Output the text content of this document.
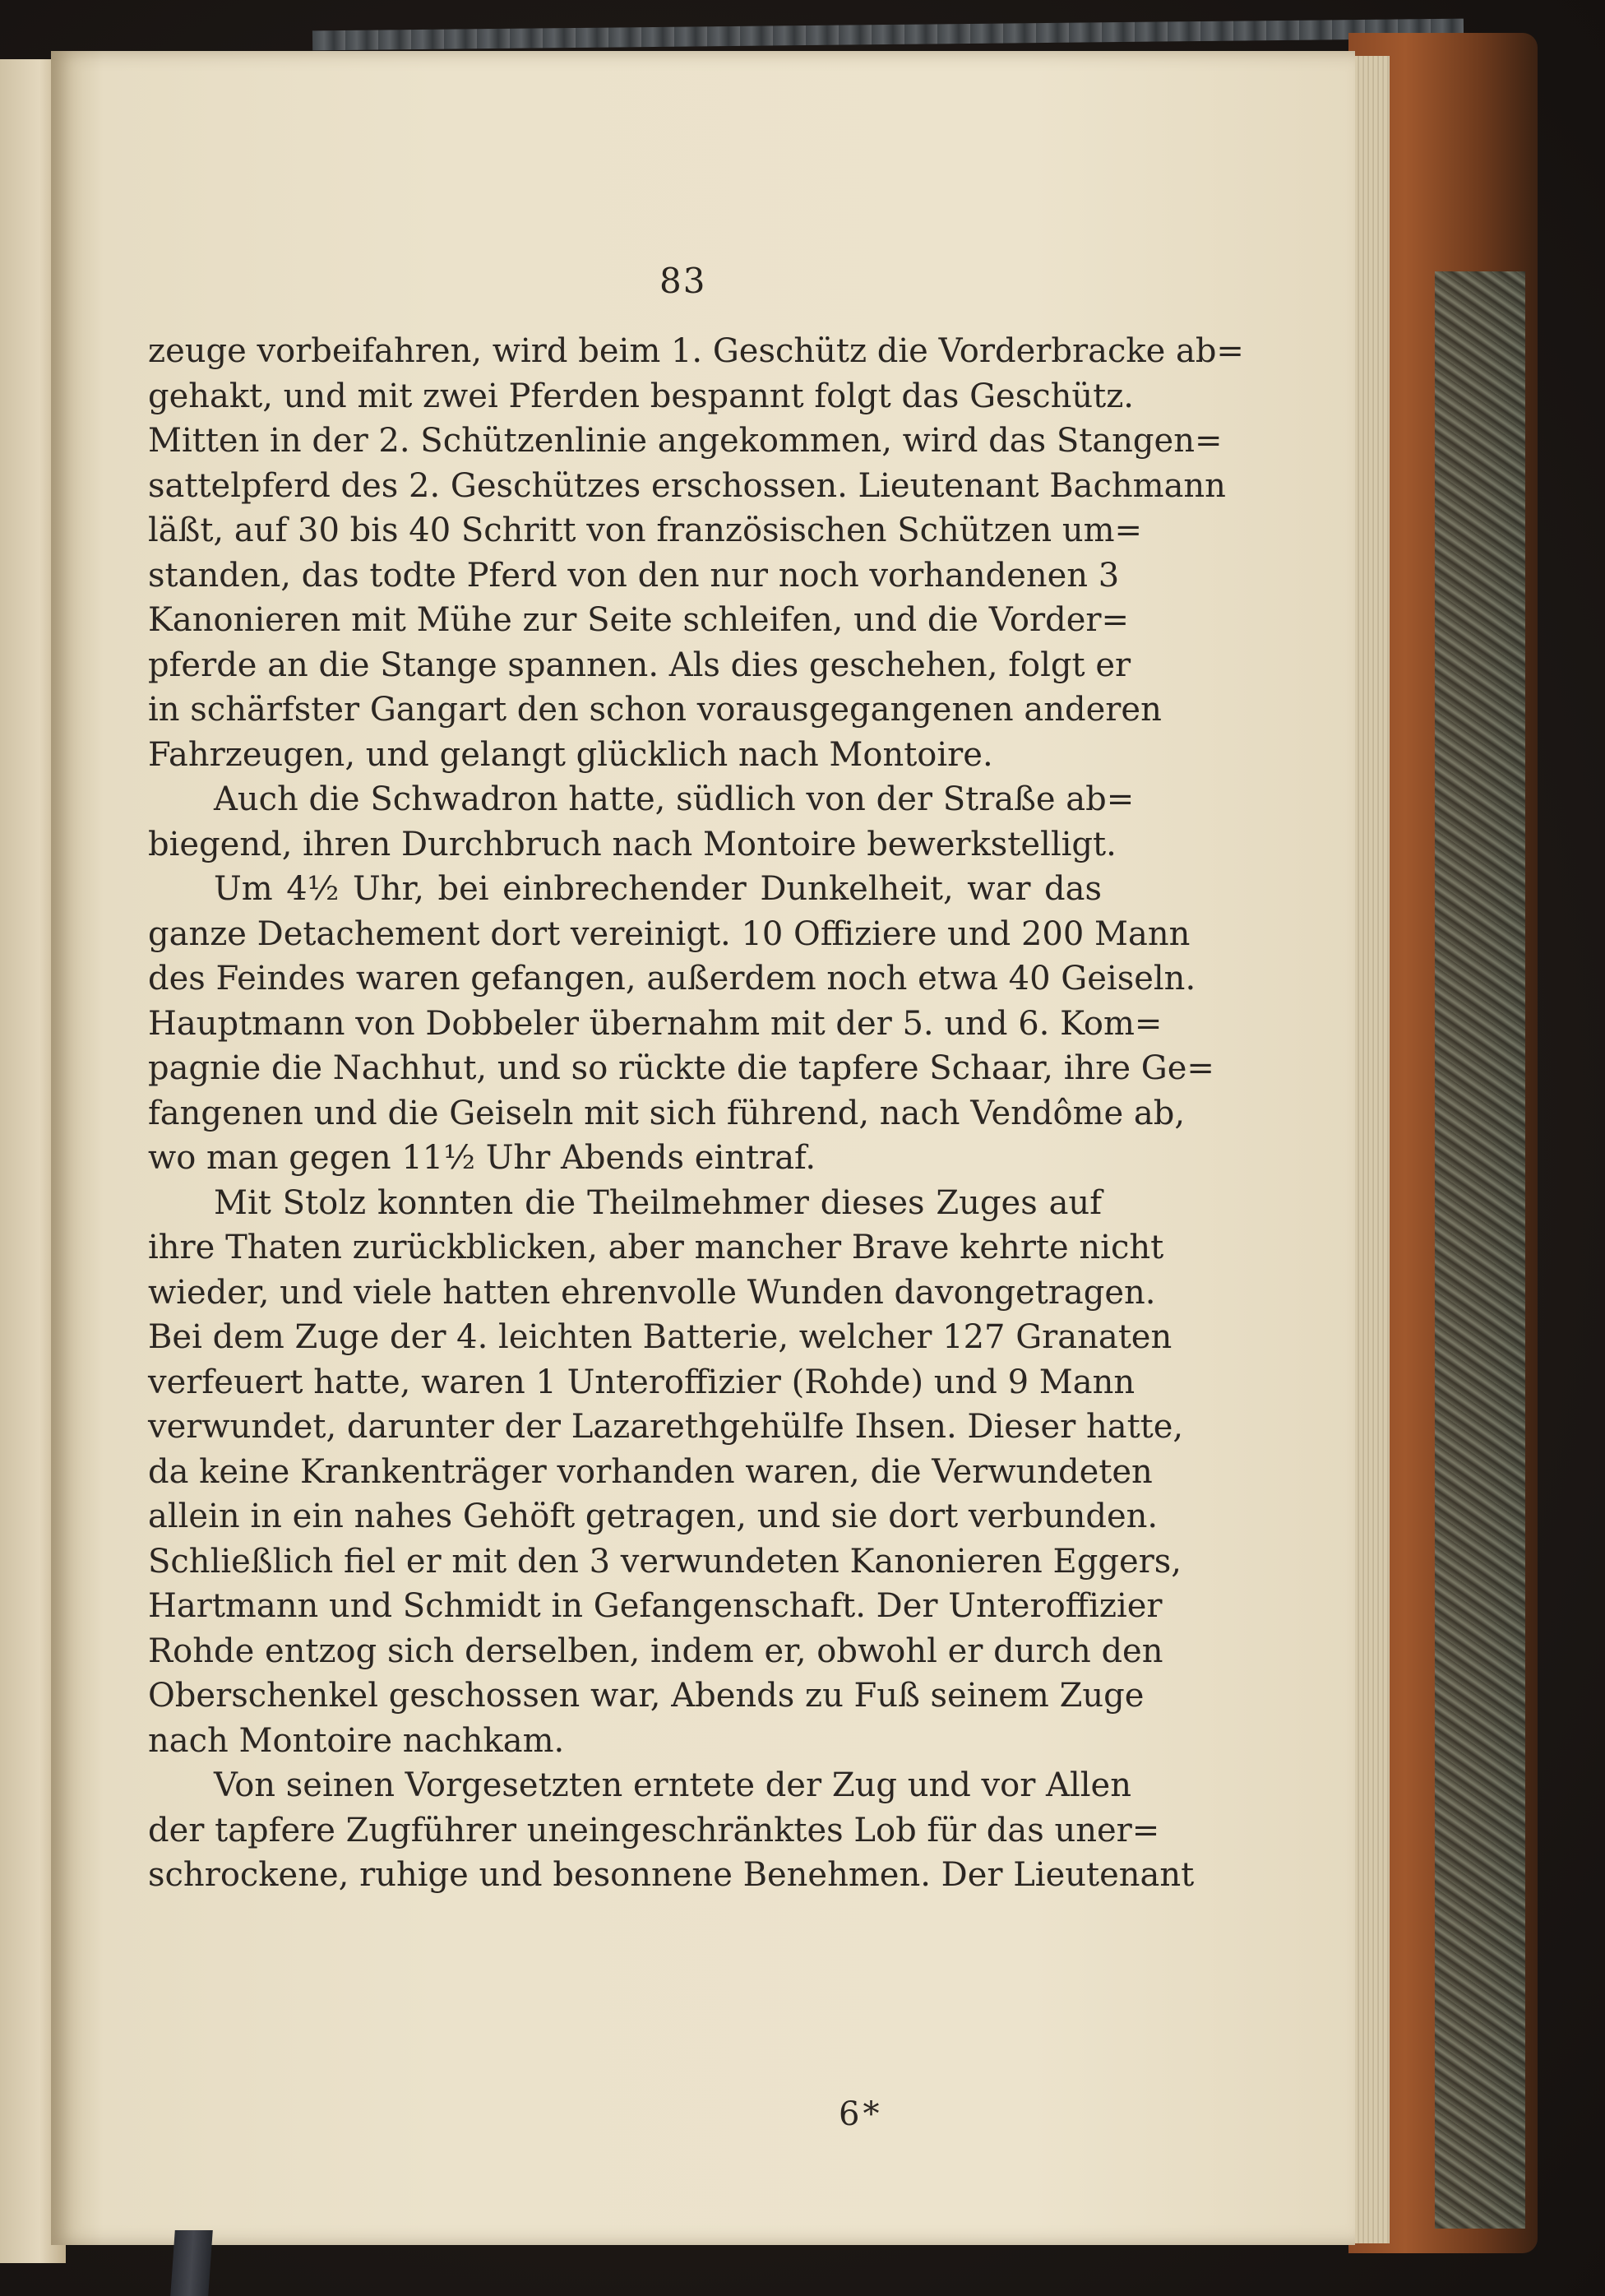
83
zeuge vorbeifahren, wird beim 1. Geschütz die Vorderbracke ab=
gehakt, und mit zwei Pferden bespannt folgt das Geschütz.
Mitten in der 2. Schützenlinie angekommen, wird das Stangen=
sattelpferd des 2. Geschützes erschossen. Lieutenant Bachmann
läßt, auf 30 bis 40 Schritt von französischen Schützen um=
standen, das todte Pferd von den nur noch vorhandenen 3
Kanonieren mit Mühe zur Seite schleifen, und die Vorder=
pferde an die Stange spannen. Als dies geschehen, folgt er
in schärfster Gangart den schon vorausgegangenen anderen
Fahrzeugen, und gelangt glücklich nach Montoire.
Auch die Schwadron hatte, südlich von der Straße ab=
biegend, ihren Durchbruch nach Montoire bewerkstelligt.
Um 4½ Uhr, bei einbrechender Dunkelheit, war das
ganze Detachement dort vereinigt. 10 Offiziere und 200 Mann
des Feindes waren gefangen, außerdem noch etwa 40 Geiseln.
Hauptmann von Dobbeler übernahm mit der 5. und 6. Kom=
pagnie die Nachhut, und so rückte die tapfere Schaar, ihre Ge=
fangenen und die Geiseln mit sich führend, nach Vendôme ab,
wo man gegen 11½ Uhr Abends eintraf.
Mit Stolz konnten die Theilmehmer dieses Zuges auf
ihre Thaten zurückblicken, aber mancher Brave kehrte nicht
wieder, und viele hatten ehrenvolle Wunden davongetragen.
Bei dem Zuge der 4. leichten Batterie, welcher 127 Granaten
verfeuert hatte, waren 1 Unteroffizier (Rohde) und 9 Mann
verwundet, darunter der Lazarethgehülfe Ihsen. Dieser hatte,
da keine Krankenträger vorhanden waren, die Verwundeten
allein in ein nahes Gehöft getragen, und sie dort verbunden.
Schließlich fiel er mit den 3 verwundeten Kanonieren Eggers,
Hartmann und Schmidt in Gefangenschaft. Der Unteroffizier
Rohde entzog sich derselben, indem er, obwohl er durch den
Oberschenkel geschossen war, Abends zu Fuß seinem Zuge
nach Montoire nachkam.
Von seinen Vorgesetzten erntete der Zug und vor Allen
der tapfere Zugführer uneingeschränktes Lob für das uner=
schrockene, ruhige und besonnene Benehmen. Der Lieutenant
6*
